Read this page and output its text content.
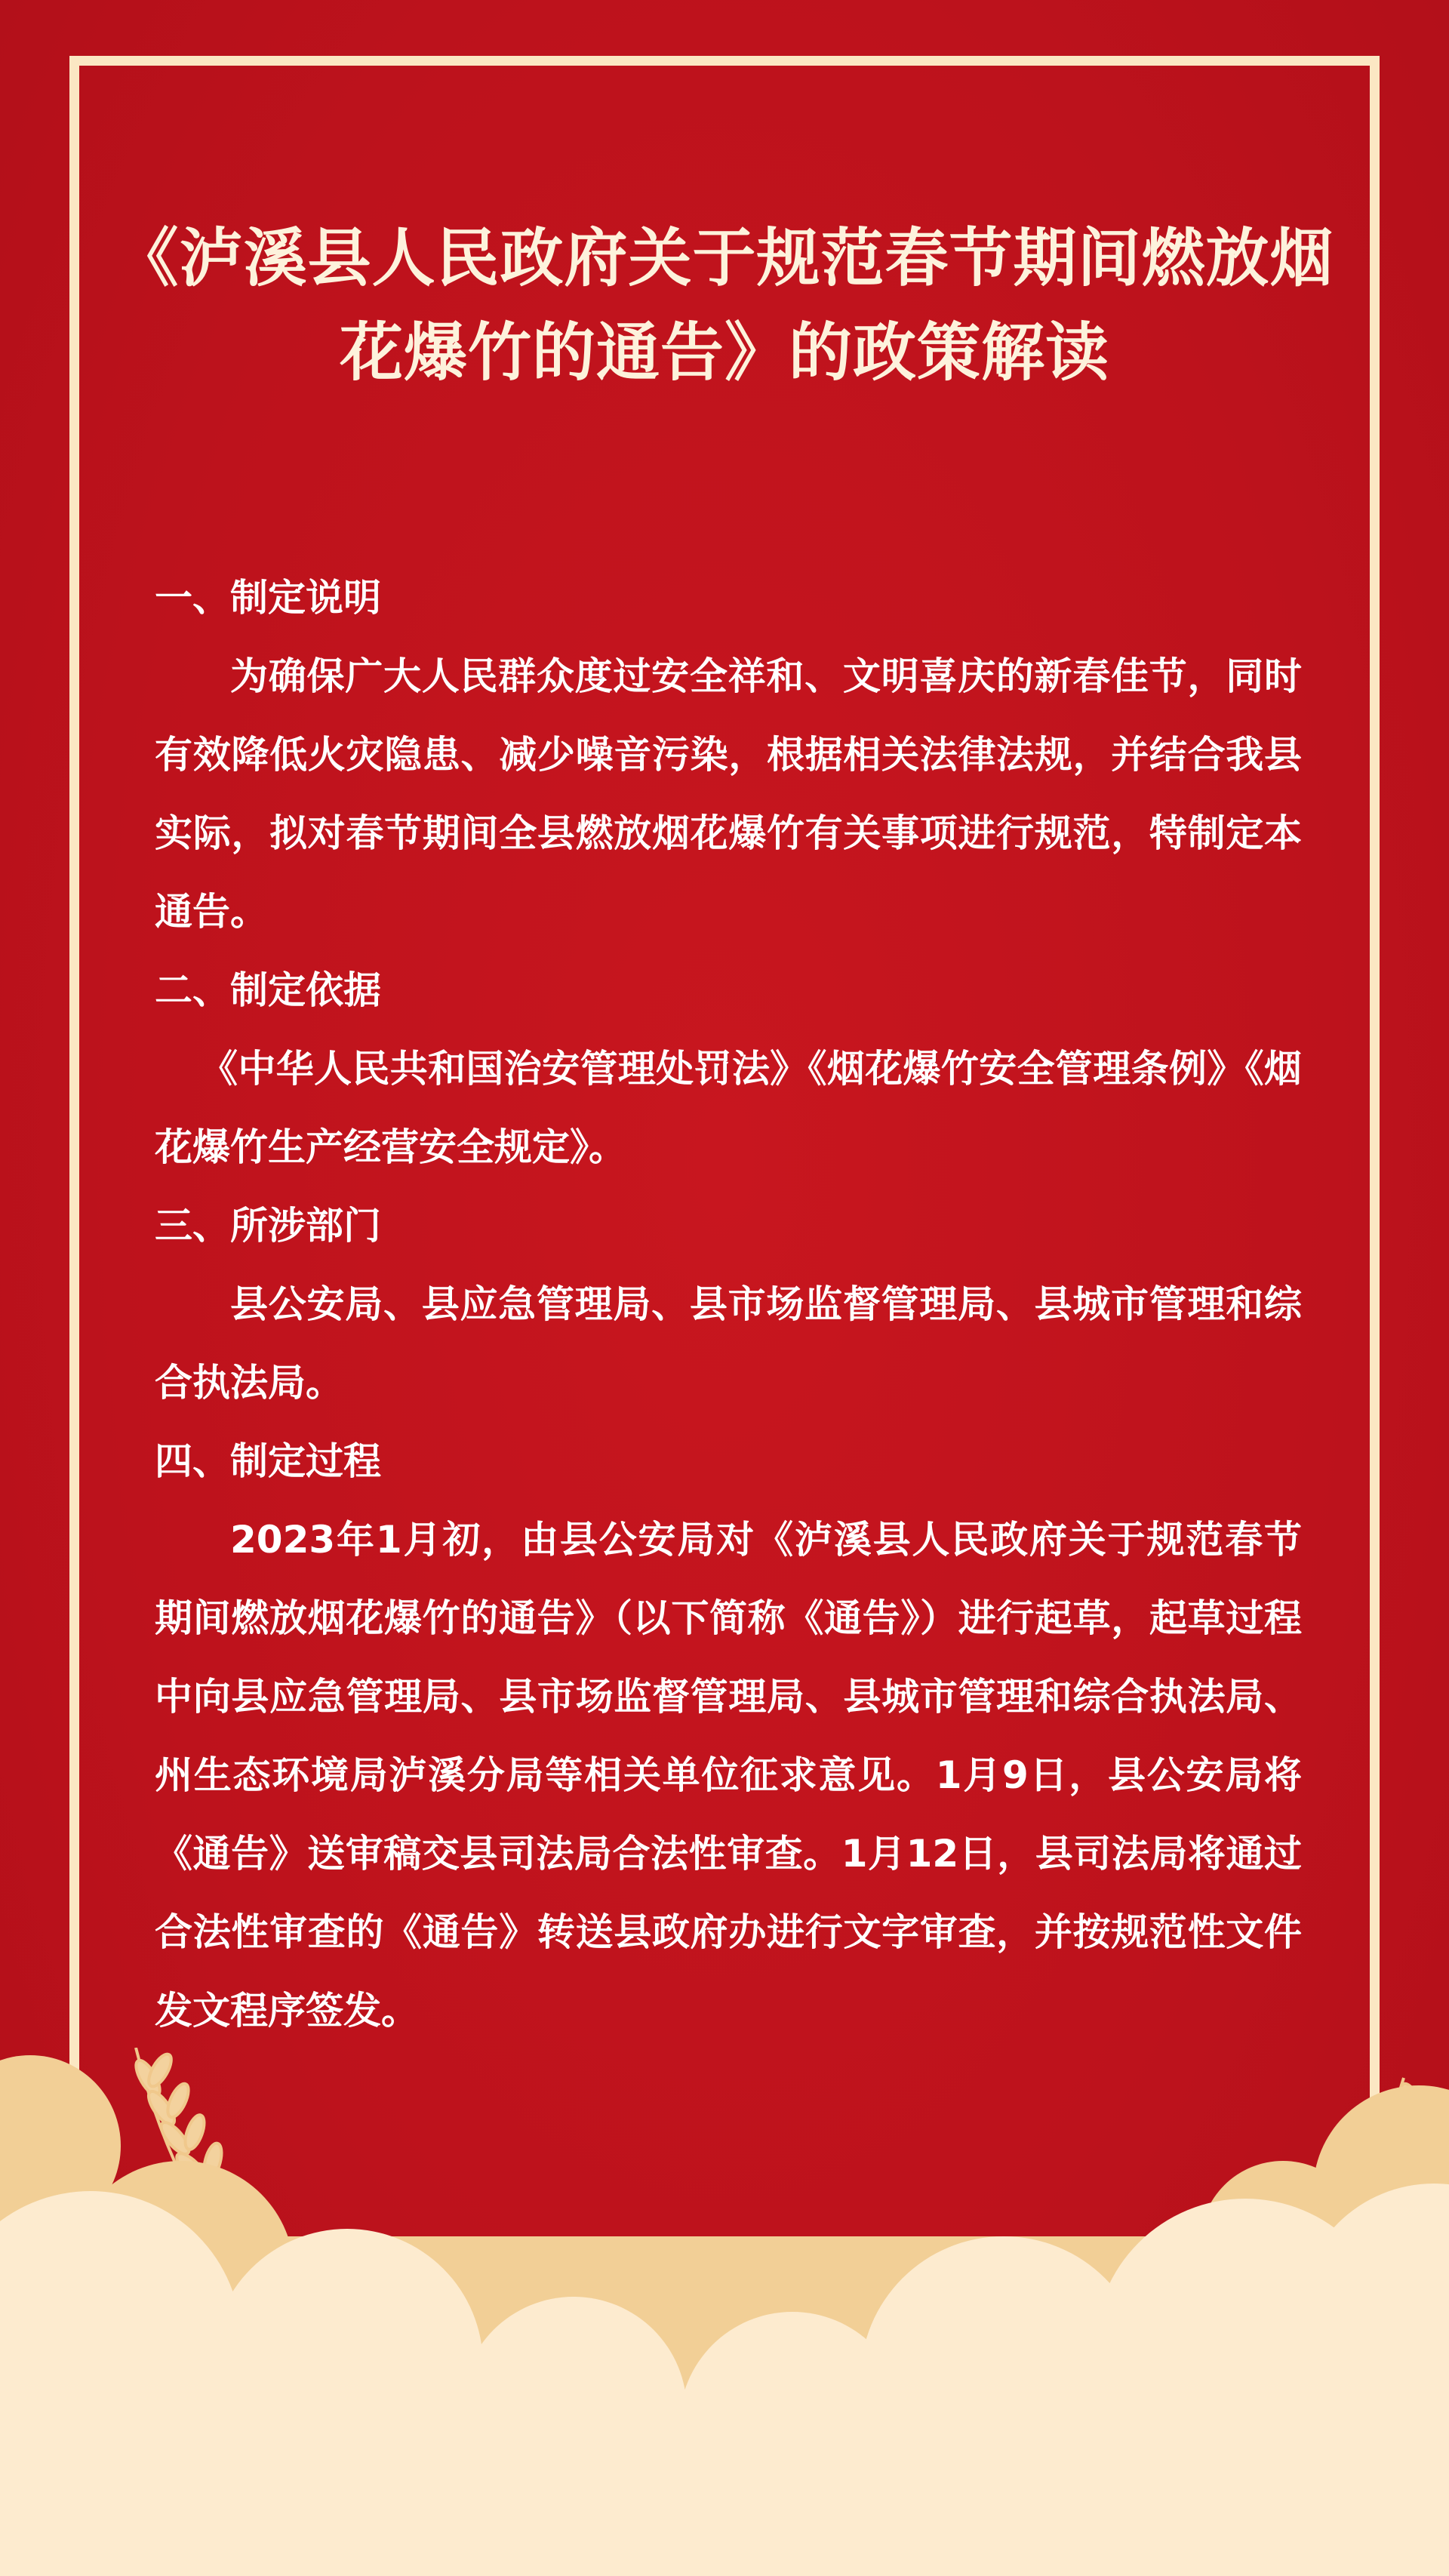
《泸溪县人民政府关于规范春节期间燃放烟
花爆竹的通告》的政策解读

一、制定说明

为确保广大人民群众度过安全祥和、文明喜庆的新春佳节，同时有效降低火灾隐患、减少噪音污染，根据相关法律法规，并结合我县实际，拟对春节期间全县燃放烟花爆竹有关事项进行规范，特制定本通告。

二、制定依据

《中华人民共和国治安管理处罚法》《烟花爆竹安全管理条例》《烟花爆竹生产经营安全规定》。

三、所涉部门

县公安局、县应急管理局、县市场监督管理局、县城市管理和综合执法局。

四、制定过程

2023年1月初，由县公安局对《泸溪县人民政府关于规范春节期间燃放烟花爆竹的通告》（以下简称《通告》）进行起草，起草过程中向县应急管理局、县市场监督管理局、县城市管理和综合执法局、州生态环境局泸溪分局等相关单位征求意见。1月9日，县公安局将《通告》送审稿交县司法局合法性审查。1月12日，县司法局将通过合法性审查的《通告》转送县政府办进行文字审查，并按规范性文件发文程序签发。
